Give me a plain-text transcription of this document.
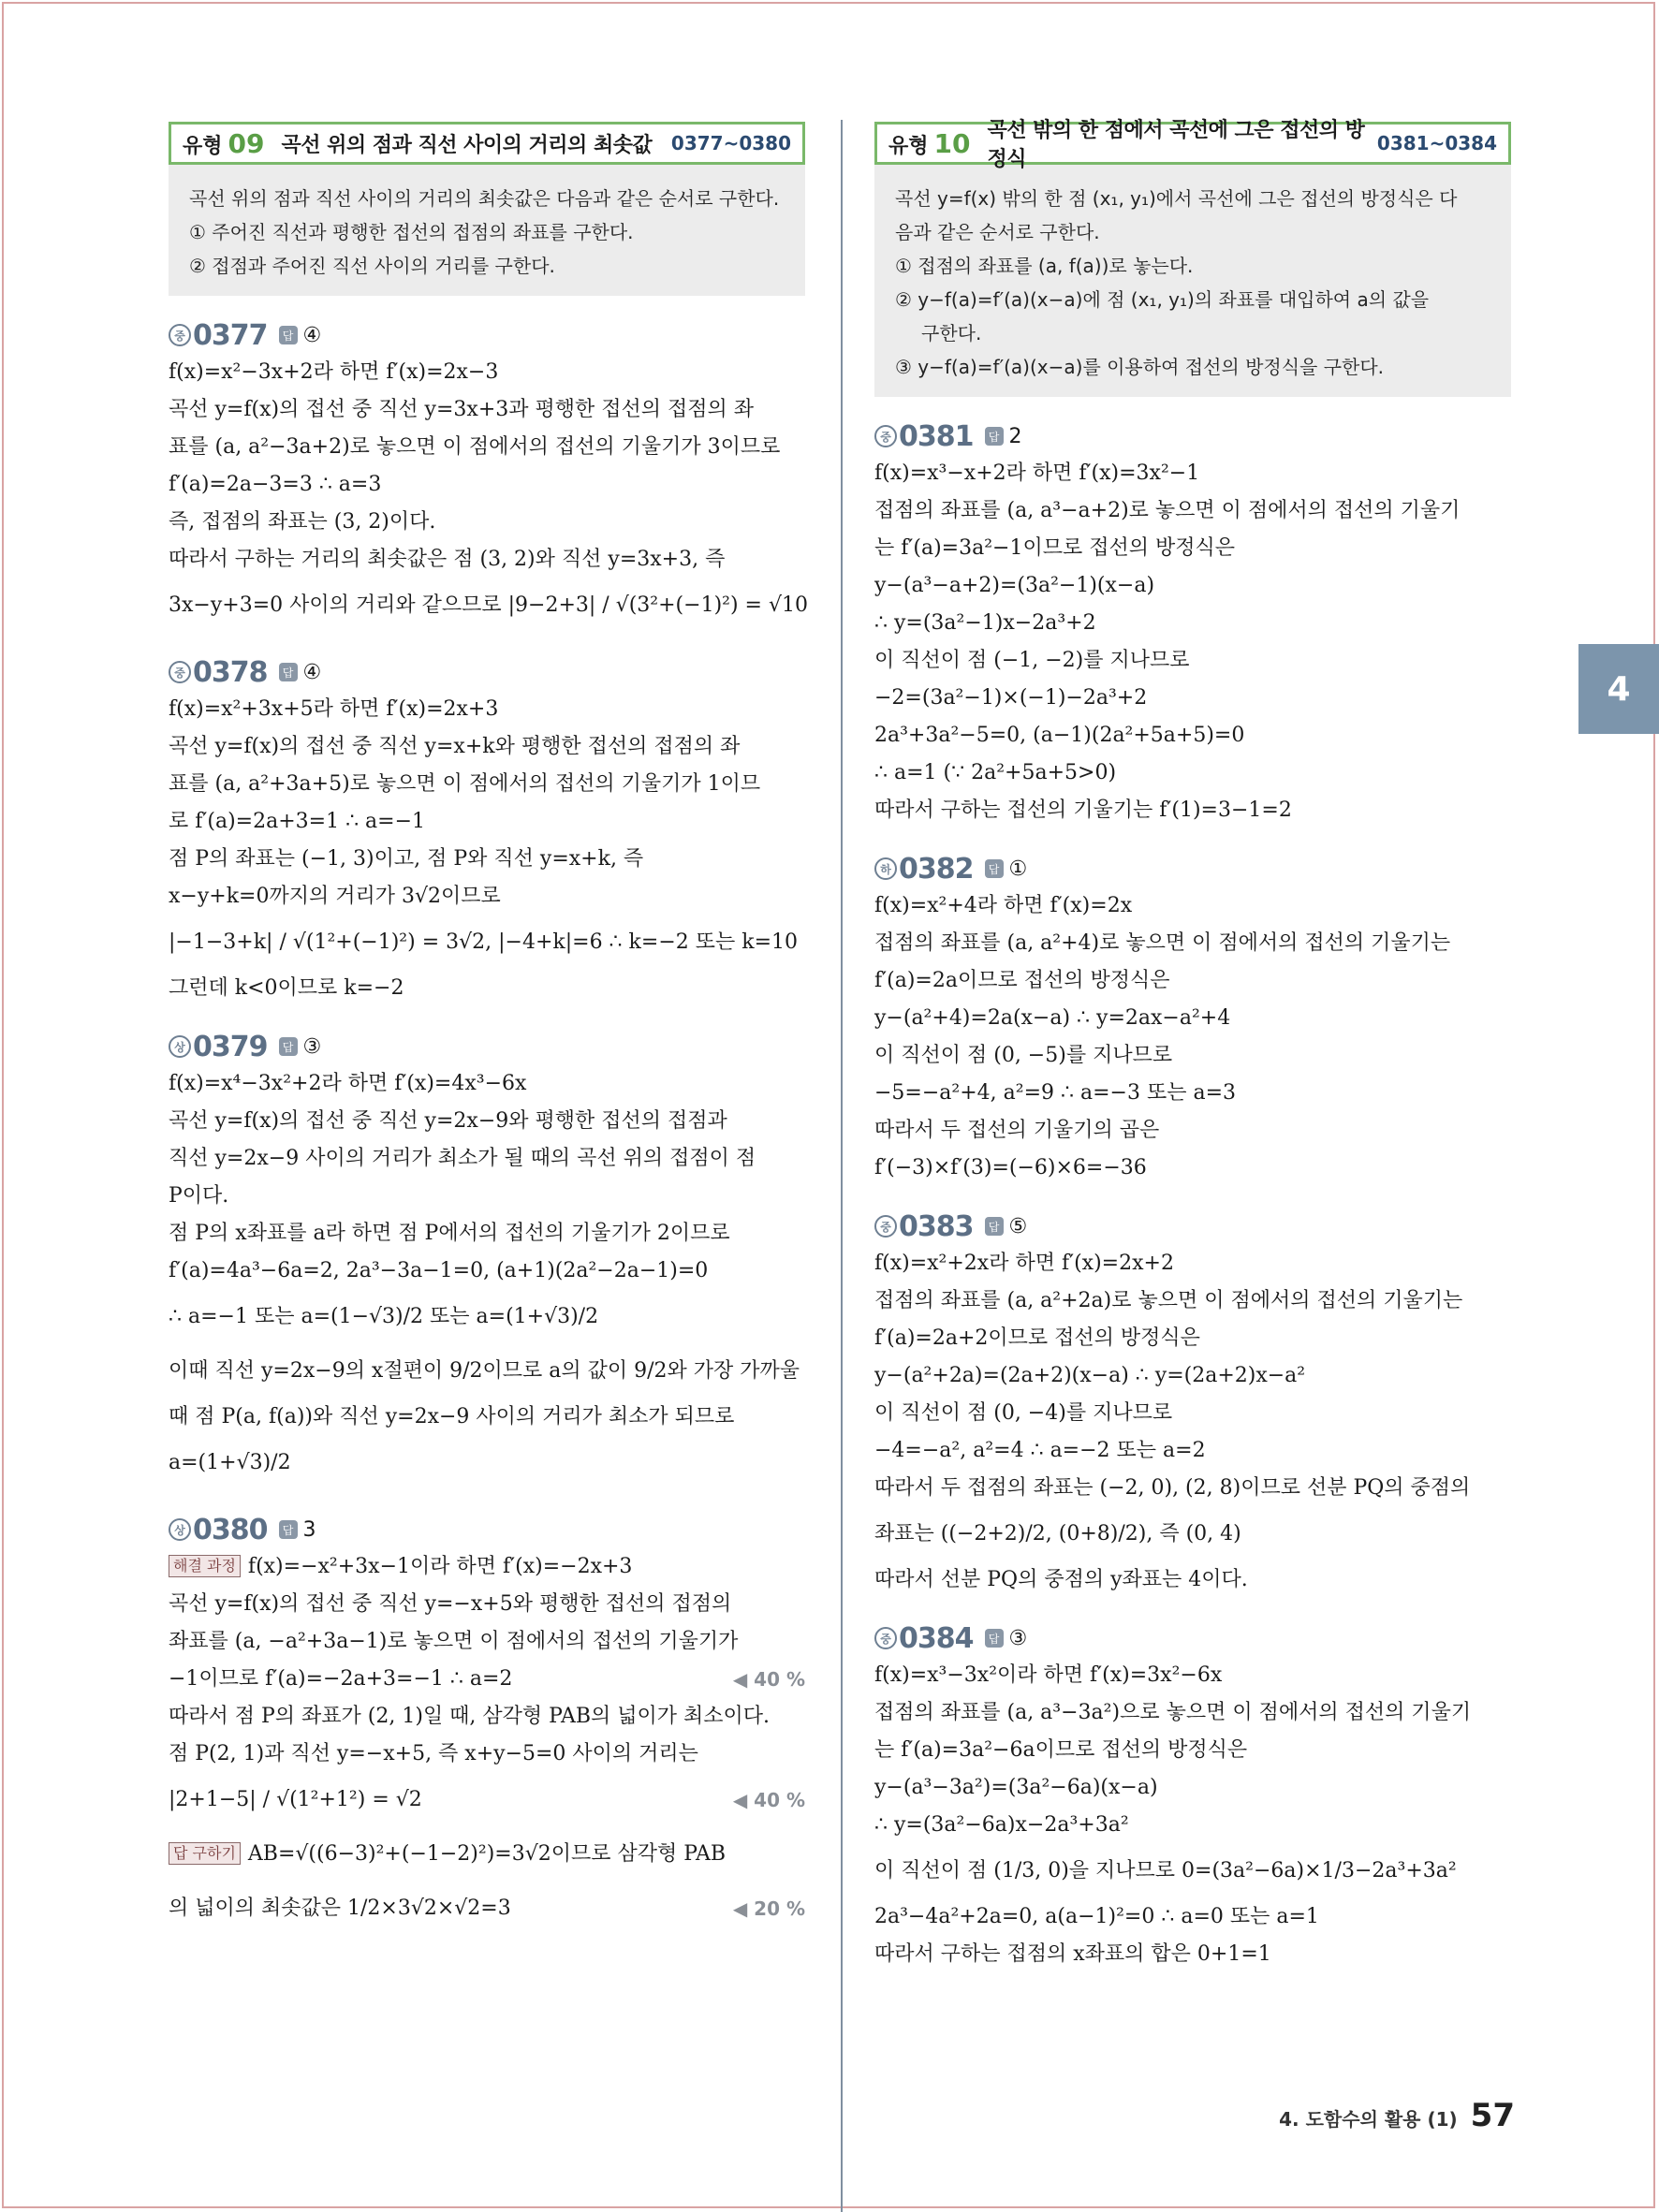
유형 09 곡선 위의 점과 직선 사이의 거리의 최솟값	0377~0380
곡선 위의 점과 직선 사이의 거리의 최솟값은 다음과 같은 순서로 구한다.
① 주어진 직선과 평행한 접선의 접점의 좌표를 구한다.
② 접점과 주어진 직선 사이의 거리를 구한다.
중 0377	답 ④
f(x)=x²−3x+2라 하면 f′(x)=2x−3
곡선 y=f(x)의 접선 중 직선 y=3x+3과 평행한 접선의 접점의 좌
표를 (a, a²−3a+2)로 놓으면 이 점에서의 접선의 기울기가 3이므로
f′(a)=2a−3=3 ∴ a=3
즉, 접점의 좌표는 (3, 2)이다.
따라서 구하는 거리의 최솟값은 점 (3, 2)와 직선 y=3x+3, 즉
3x−y+3=0 사이의 거리와 같으므로 |9−2+3| / √(3²+(−1)²) = √10
중 0378	답 ④
f(x)=x²+3x+5라 하면 f′(x)=2x+3
곡선 y=f(x)의 접선 중 직선 y=x+k와 평행한 접선의 접점의 좌
표를 (a, a²+3a+5)로 놓으면 이 점에서의 접선의 기울기가 1이므
로 f′(a)=2a+3=1 ∴ a=−1
점 P의 좌표는 (−1, 3)이고, 점 P와 직선 y=x+k, 즉
x−y+k=0까지의 거리가 3√2이므로
|−1−3+k| / √(1²+(−1)²) = 3√2, |−4+k|=6 ∴ k=−2 또는 k=10
그런데 k<0이므로 k=−2
상 0379	답 ③
f(x)=x⁴−3x²+2라 하면 f′(x)=4x³−6x
곡선 y=f(x)의 접선 중 직선 y=2x−9와 평행한 접선의 접점과
직선 y=2x−9 사이의 거리가 최소가 될 때의 곡선 위의 접점이 점
P이다.
점 P의 x좌표를 a라 하면 점 P에서의 접선의 기울기가 2이므로
f′(a)=4a³−6a=2, 2a³−3a−1=0, (a+1)(2a²−2a−1)=0
∴ a=−1 또는 a=(1−√3)/2 또는 a=(1+√3)/2
이때 직선 y=2x−9의 x절편이 9/2이므로 a의 값이 9/2와 가장 가까울
때 점 P(a, f(a))와 직선 y=2x−9 사이의 거리가 최소가 되므로
a=(1+√3)/2
상 0380	답 3
해결 과정 f(x)=−x²+3x−1이라 하면 f′(x)=−2x+3
곡선 y=f(x)의 접선 중 직선 y=−x+5와 평행한 접선의 접점의
좌표를 (a, −a²+3a−1)로 놓으면 이 점에서의 접선의 기울기가
−1이므로 f′(a)=−2a+3=−1 ∴ a=2	◀ 40 %
따라서 점 P의 좌표가 (2, 1)일 때, 삼각형 PAB의 넓이가 최소이다.
점 P(2, 1)과 직선 y=−x+5, 즉 x+y−5=0 사이의 거리는
|2+1−5| / √(1²+1²) = √2	◀ 40 %
답 구하기 AB=√((6−3)²+(−1−2)²)=3√2이므로 삼각형 PAB
의 넓이의 최솟값은 1/2×3√2×√2=3	◀ 20 %
유형 10 곡선 밖의 한 점에서 곡선에 그은 접선의 방정식
0381~0384
곡선 y=f(x) 밖의 한 점 (x₁, y₁)에서 곡선에 그은 접선의 방정식은 다
음과 같은 순서로 구한다.
① 접점의 좌표를 (a, f(a))로 놓는다.
② y−f(a)=f′(a)(x−a)에 점 (x₁, y₁)의 좌표를 대입하여 a의 값을
구한다.
③ y−f(a)=f′(a)(x−a)를 이용하여 접선의 방정식을 구한다.
중 0381	답 2
f(x)=x³−x+2라 하면 f′(x)=3x²−1
접점의 좌표를 (a, a³−a+2)로 놓으면 이 점에서의 접선의 기울기
는 f′(a)=3a²−1이므로 접선의 방정식은
y−(a³−a+2)=(3a²−1)(x−a)
∴ y=(3a²−1)x−2a³+2
이 직선이 점 (−1, −2)를 지나므로
−2=(3a²−1)×(−1)−2a³+2
2a³+3a²−5=0, (a−1)(2a²+5a+5)=0
∴ a=1 (∵ 2a²+5a+5>0)
따라서 구하는 접선의 기울기는 f′(1)=3−1=2
하 0382	답 ①
f(x)=x²+4라 하면 f′(x)=2x
접점의 좌표를 (a, a²+4)로 놓으면 이 점에서의 접선의 기울기는
f′(a)=2a이므로 접선의 방정식은
y−(a²+4)=2a(x−a) ∴ y=2ax−a²+4
이 직선이 점 (0, −5)를 지나므로
−5=−a²+4, a²=9 ∴ a=−3 또는 a=3
따라서 두 접선의 기울기의 곱은
f′(−3)×f′(3)=(−6)×6=−36
중 0383	답 ⑤
f(x)=x²+2x라 하면 f′(x)=2x+2
접점의 좌표를 (a, a²+2a)로 놓으면 이 점에서의 접선의 기울기는
f′(a)=2a+2이므로 접선의 방정식은
y−(a²+2a)=(2a+2)(x−a) ∴ y=(2a+2)x−a²
이 직선이 점 (0, −4)를 지나므로
−4=−a², a²=4 ∴ a=−2 또는 a=2
따라서 두 접점의 좌표는 (−2, 0), (2, 8)이므로 선분 PQ의 중점의
좌표는 ((−2+2)/2, (0+8)/2), 즉 (0, 4)
따라서 선분 PQ의 중점의 y좌표는 4이다.
중 0384	답 ③
f(x)=x³−3x²이라 하면 f′(x)=3x²−6x
접점의 좌표를 (a, a³−3a²)으로 놓으면 이 점에서의 접선의 기울기
는 f′(a)=3a²−6a이므로 접선의 방정식은
y−(a³−3a²)=(3a²−6a)(x−a)
∴ y=(3a²−6a)x−2a³+3a²
이 직선이 점 (1/3, 0)을 지나므로 0=(3a²−6a)×1/3−2a³+3a²
2a³−4a²+2a=0, a(a−1)²=0 ∴ a=0 또는 a=1
따라서 구하는 접점의 x좌표의 합은 0+1=1
4
4. 도함수의 활용 (1) 57
